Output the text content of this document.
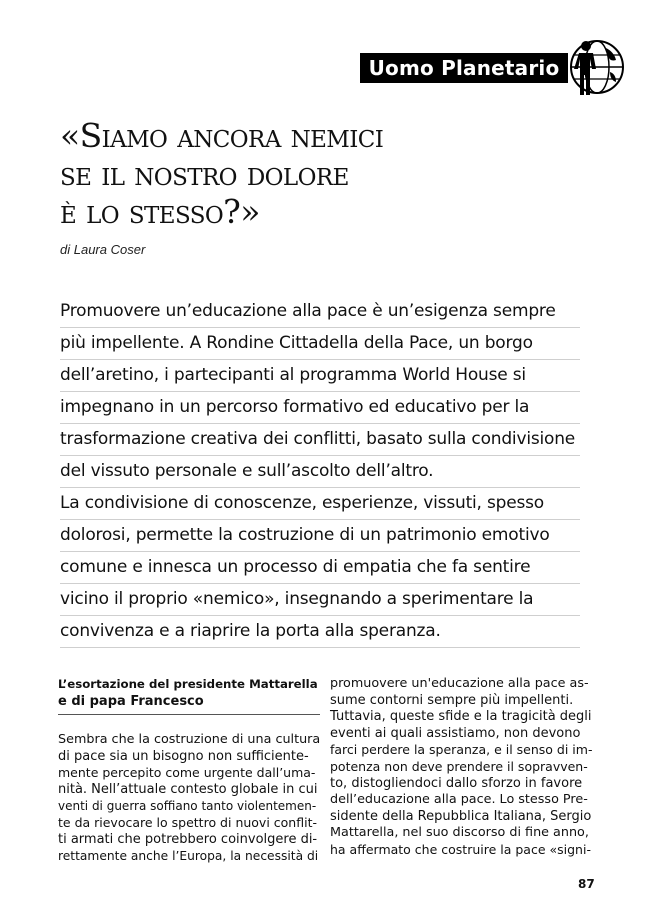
Uomo Planetario
«Siamo ancora nemici
se il nostro dolore
è lo stesso?»
di Laura Coser
Promuovere un’educazione alla pace è un’esigenza sempre
più impellente. A Rondine Cittadella della Pace, un borgo
dell’aretino, i partecipanti al programma World House si
impegnano in un percorso formativo ed educativo per la
trasformazione creativa dei conflitti, basato sulla condivisione
del vissuto personale e sull’ascolto dell’altro.
La condivisione di conoscenze, esperienze, vissuti, spesso
dolorosi, permette la costruzione di un patrimonio emotivo
comune e innesca un processo di empatia che fa sentire
vicino il proprio «nemico», insegnando a sperimentare la
convivenza e a riaprire la porta alla speranza.
L’esortazione del presidente Mattarella
e di papa Francesco
Sembra che la costruzione di una cultura
di pace sia un bisogno non sufficiente-
mente percepito come urgente dall’uma-
nità. Nell’attuale contesto globale in cui
venti di guerra soffiano tanto violentemen-
te da rievocare lo spettro di nuovi conflit-
ti armati che potrebbero coinvolgere di-
rettamente anche l’Europa, la necessità di
promuovere un'educazione alla pace as-
sume contorni sempre più impellenti.
Tuttavia, queste sfide e la tragicità degli
eventi ai quali assistiamo, non devono
farci perdere la speranza, e il senso di im-
potenza non deve prendere il sopravven-
to, distogliendoci dallo sforzo in favore
dell’educazione alla pace. Lo stesso Pre-
sidente della Repubblica Italiana, Sergio
Mattarella, nel suo discorso di fine anno,
ha affermato che costruire la pace «signi-
87
